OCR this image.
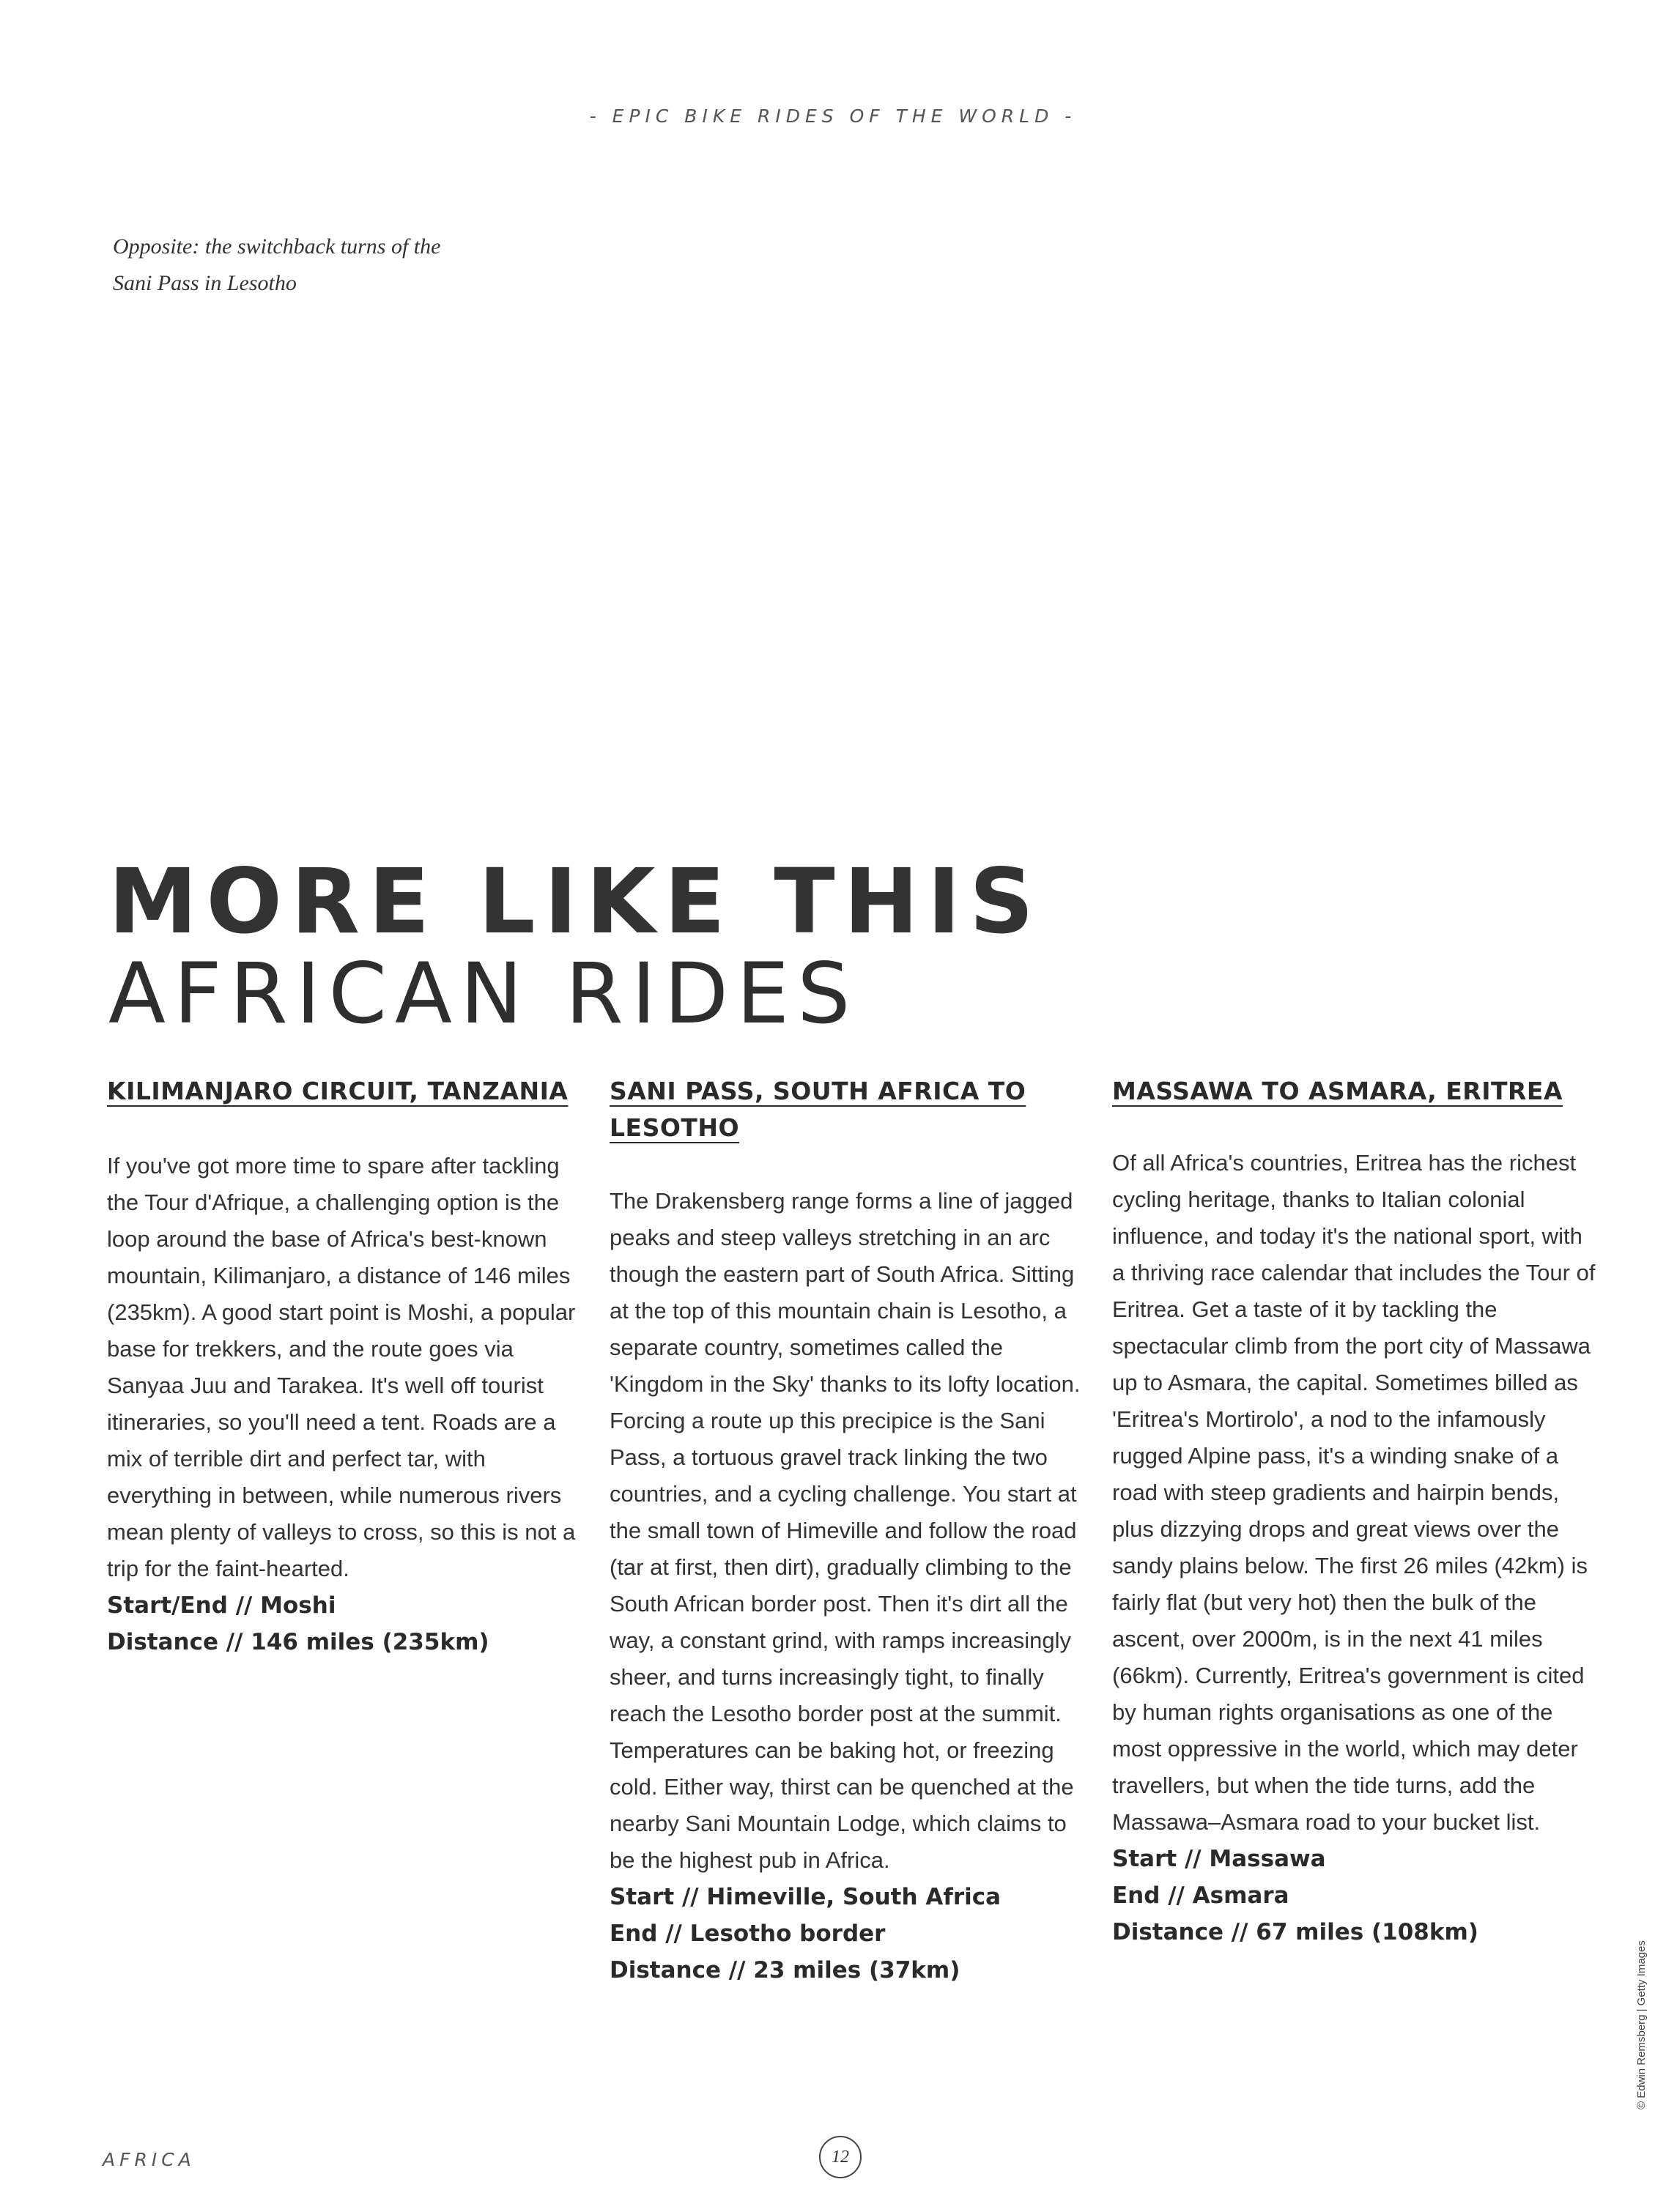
- EPIC BIKE RIDES OF THE WORLD -
Opposite: the switchback turns of the Sani Pass in Lesotho
MORE LIKE THIS
AFRICAN RIDES
KILIMANJARO CIRCUIT, TANZANIA
If you've got more time to spare after tackling the Tour d'Afrique, a challenging option is the loop around the base of Africa's best-known mountain, Kilimanjaro, a distance of 146 miles (235km). A good start point is Moshi, a popular base for trekkers, and the route goes via Sanyaa Juu and Tarakea. It's well off tourist itineraries, so you'll need a tent. Roads are a mix of terrible dirt and perfect tar, with everything in between, while numerous rivers mean plenty of valleys to cross, so this is not a trip for the faint-hearted.
Start/End // Moshi
Distance // 146 miles (235km)
SANI PASS, SOUTH AFRICA TO LESOTHO
The Drakensberg range forms a line of jagged peaks and steep valleys stretching in an arc though the eastern part of South Africa. Sitting at the top of this mountain chain is Lesotho, a separate country, sometimes called the 'Kingdom in the Sky' thanks to its lofty location. Forcing a route up this precipice is the Sani Pass, a tortuous gravel track linking the two countries, and a cycling challenge. You start at the small town of Himeville and follow the road (tar at first, then dirt), gradually climbing to the South African border post. Then it's dirt all the way, a constant grind, with ramps increasingly sheer, and turns increasingly tight, to finally reach the Lesotho border post at the summit. Temperatures can be baking hot, or freezing cold. Either way, thirst can be quenched at the nearby Sani Mountain Lodge, which claims to be the highest pub in Africa.
Start // Himeville, South Africa
End // Lesotho border
Distance // 23 miles (37km)
MASSAWA TO ASMARA, ERITREA
Of all Africa's countries, Eritrea has the richest cycling heritage, thanks to Italian colonial influence, and today it's the national sport, with a thriving race calendar that includes the Tour of Eritrea. Get a taste of it by tackling the spectacular climb from the port city of Massawa up to Asmara, the capital. Sometimes billed as 'Eritrea's Mortirolo', a nod to the infamously rugged Alpine pass, it's a winding snake of a road with steep gradients and hairpin bends, plus dizzying drops and great views over the sandy plains below. The first 26 miles (42km) is fairly flat (but very hot) then the bulk of the ascent, over 2000m, is in the next 41 miles (66km). Currently, Eritrea's government is cited by human rights organisations as one of the most oppressive in the world, which may deter travellers, but when the tide turns, add the Massawa–Asmara road to your bucket list.
Start // Massawa
End // Asmara
Distance // 67 miles (108km)
AFRICA	12
© Edwin Remsberg | Getty Images
